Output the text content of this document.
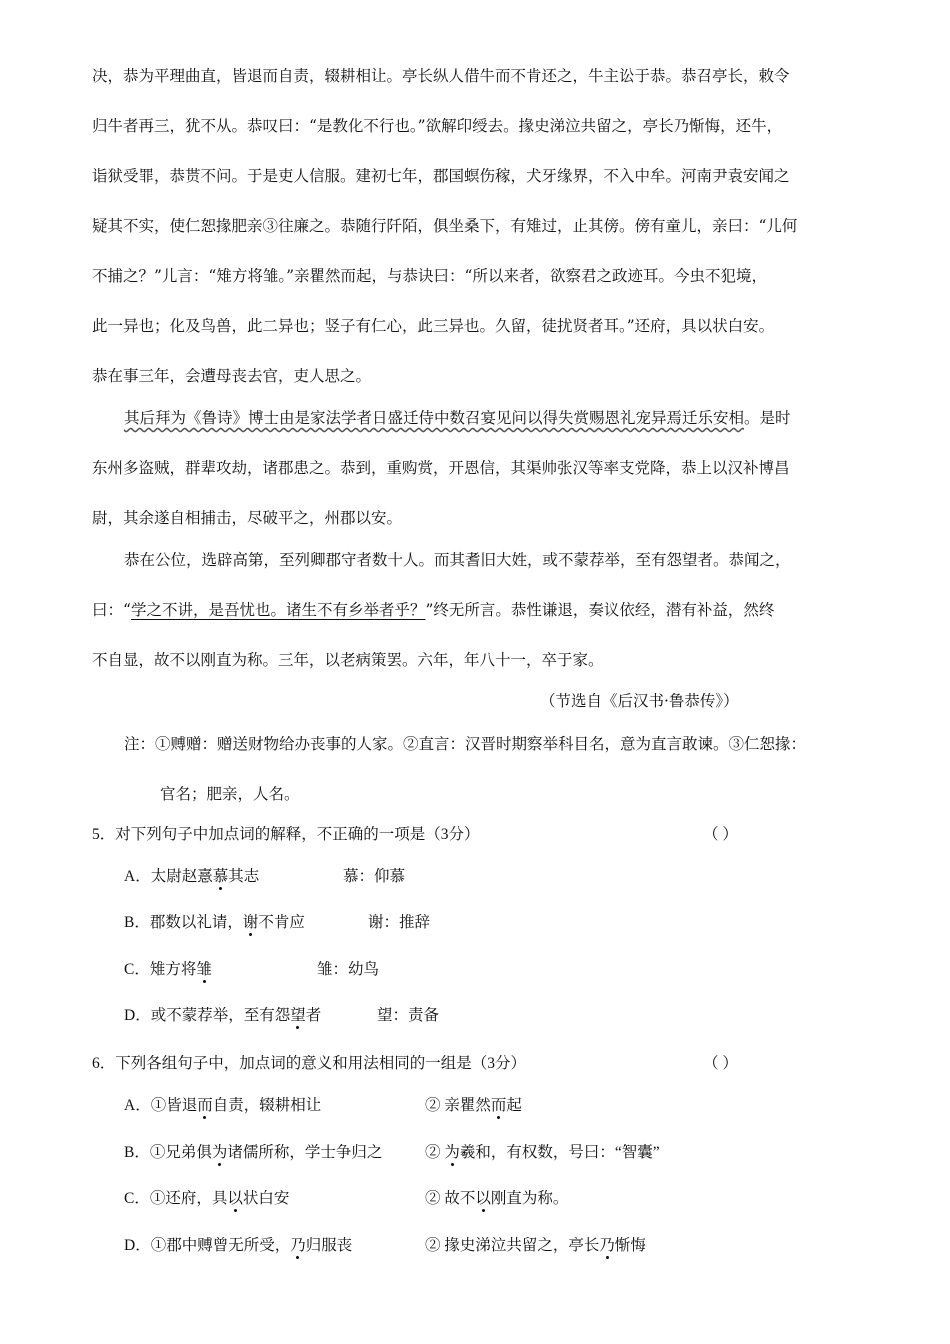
决，恭为平理曲直，皆退而自责，辍耕相让。亭长纵人借牛而不肯还之，牛主讼于恭。恭召亭长，敕令
归牛者再三，犹不从。恭叹曰：“是教化不行也。”欲解印绶去。掾史涕泣共留之，亭长乃惭悔，还牛，
诣狱受罪，恭贳不问。于是吏人信服。建初七年，郡国螟伤稼，犬牙缘界，不入中牟。河南尹袁安闻之
疑其不实，使仁恕掾肥亲③往廉之。恭随行阡陌，俱坐桑下，有雉过，止其傍。傍有童儿，亲曰：“儿何
不捕之？”儿言：“雉方将雏。”亲瞿然而起，与恭诀曰：“所以来者，欲察君之政迹耳。今虫不犯境，
此一异也；化及鸟兽，此二异也；竖子有仁心，此三异也。久留，徒扰贤者耳。”还府，具以状白安。
恭在事三年，会遭母丧去官，吏人思之。
其后拜为《鲁诗》博士由是家法学者日盛迁侍中数召宴见问以得失赏赐恩礼宠异焉迁乐安相。是时
东州多盗贼，群辈攻劫，诸郡患之。恭到，重购赏，开恩信，其渠帅张汉等率支党降，恭上以汉补博昌
尉，其余遂自相捕击，尽破平之，州郡以安。
恭在公位，选辟高第，至列卿郡守者数十人。而其耆旧大姓，或不蒙荐举，至有怨望者。恭闻之，
曰：“学之不讲，是吾忧也。诸生不有乡举者乎？”终无所言。恭性谦退，奏议依经，潜有补益，然终
不自显，故不以刚直为称。三年，以老病策罢。六年，年八十一，卒于家。
（节选自《后汉书·鲁恭传》）
注：①赙赠：赠送财物给办丧事的人家。②直言：汉晋时期察举科目名，意为直言敢谏。③仁恕掾：
官名；肥亲，人名。
5．对下列句子中加点词的解释，不正确的一项是（3分）	（ ）
A．太尉赵憙慕其志	慕：仰慕
B．郡数以礼请，谢不肯应	谢：推辞
C．雉方将雏	雏：幼鸟
D．或不蒙荐举，至有怨望者	望：责备
6．下列各组句子中，加点词的意义和用法相同的一组是（3分）	（ ）
A．①皆退而自责，辍耕相让	② 亲瞿然而起
B．①兄弟俱为诸儒所称，学士争归之	② 为羲和，有权数，号曰：“智囊”
C．①还府，具以状白安	② 故不以刚直为称。
D．①郡中赙曾无所受，乃归服丧	② 掾史涕泣共留之，亭长乃惭悔
